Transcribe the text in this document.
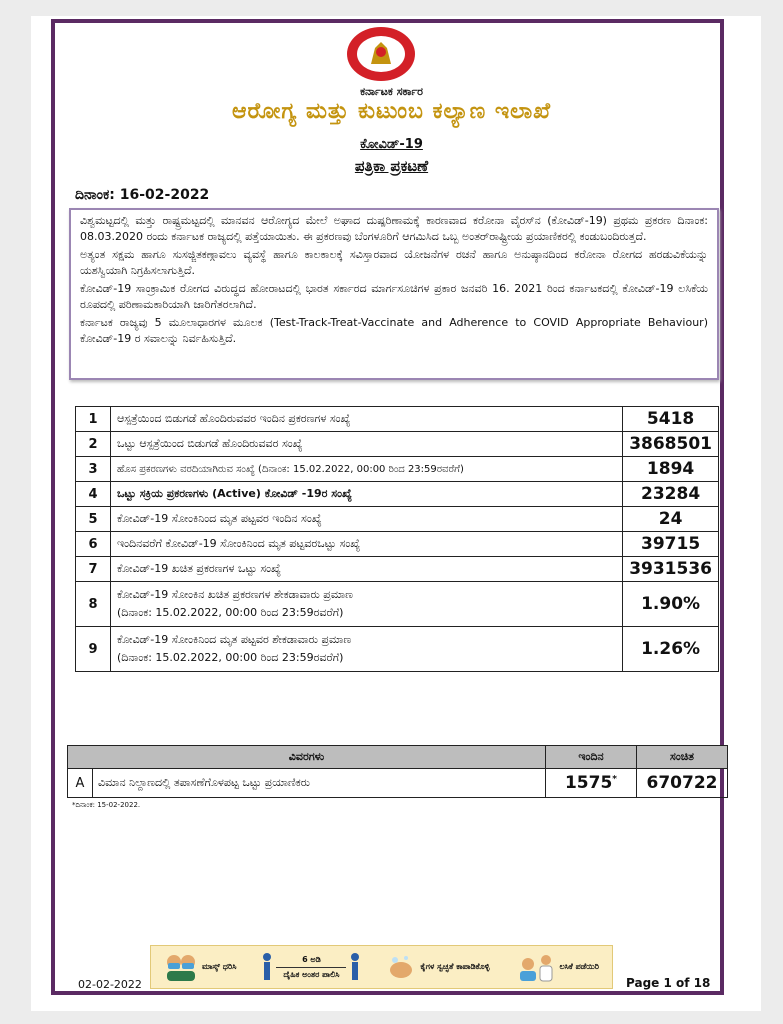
ಕರ್ನಾಟಕ ಸರ್ಕಾರ
ಆರೋಗ್ಯ ಮತ್ತು ಕುಟುಂಬ ಕಲ್ಯಾಣ ಇಲಾಖೆ
ಕೋವಿಡ್-19
ಪತ್ರಿಕಾ ಪ್ರಕಟಣೆ
ದಿನಾಂಕ: 16-02-2022

ವಿಶ್ವಮಟ್ಟದಲ್ಲಿ ಮತ್ತು ರಾಷ್ಟ್ರಮಟ್ಟದಲ್ಲಿ ಮಾನವನ ಆರೋಗ್ಯದ ಮೇಲೆ ಅಘಾದ ದುಷ್ಪರಿಣಾಮಕ್ಕೆ ಕಾರಣವಾದ ಕರೋನಾ ವೈರಸ್‌ನ (ಕೋವಿಡ್-19) ಪ್ರಥಮ ಪ್ರಕರಣ ದಿನಾಂಕ: 08.03.2020 ರಂದು ಕರ್ನಾಟಕ ರಾಜ್ಯದಲ್ಲಿ ಪತ್ತೆಯಾಯಿತು. ಈ ಪ್ರಕರಣವು ಬೆಂಗಳೂರಿಗೆ ಆಗಮಿಸಿದ ಒಬ್ಬ ಅಂತರ್‌ರಾಷ್ಟ್ರೀಯ ಪ್ರಯಾಣಿಕರಲ್ಲಿ ಕಂಡುಬಂದಿರುತ್ತದೆ.

ಅತ್ಯಂತ ಸಕ್ಷಮ ಹಾಗೂ ಸುಸಜ್ಜಿತಕಣ್ಗಾವಲು ವ್ಯವಸ್ಥೆ ಹಾಗೂ ಕಾಲಕಾಲಕ್ಕೆ ಸವಿಸ್ತಾರವಾದ ಯೋಜನೆಗಳ ರಚನೆ ಹಾಗೂ ಅನುಷ್ಠಾನದಿಂದ ಕರೋನಾ ರೋಗದ ಹರಡುವಿಕೆಯನ್ನು ಯಶಸ್ವಿಯಾಗಿ ನಿಗ್ರಹಿಸಲಾಗುತ್ತಿದೆ.

ಕೋವಿಡ್-19 ಸಾಂಕ್ರಾಮಿಕ ರೋಗದ ವಿರುದ್ಧದ ಹೋರಾಟದಲ್ಲಿ ಭಾರತ ಸರ್ಕಾರದ ಮಾರ್ಗಸೂಚಿಗಳ ಪ್ರಕಾರ ಜನವರಿ 16. 2021 ರಿಂದ ಕರ್ನಾಟಕದಲ್ಲಿ ಕೋವಿಡ್-19 ಲಸಿಕೆಯ ರೂಪದಲ್ಲಿ ಪರಿಣಾಮಕಾರಿಯಾಗಿ ಜಾರಿಗೆತರಲಾಗಿದೆ.

ಕರ್ನಾಟಕ ರಾಜ್ಯವು 5 ಮೂಲಾಧಾರಗಳ ಮೂಲಕ (Test-Track-Treat-Vaccinate and Adherence to COVID Appropriate Behaviour) ಕೋವಿಡ್-19 ರ ಸವಾಲನ್ನು ನಿರ್ವಹಿಸುತ್ತಿದೆ.

1	ಆಸ್ಪತ್ರೆಯಿಂದ ಬಿಡುಗಡೆ ಹೊಂದಿರುವವರ ಇಂದಿನ ಪ್ರಕರಣಗಳ ಸಂಖ್ಯೆ	5418
2	ಒಟ್ಟು ಆಸ್ಪತ್ರೆಯಿಂದ ಬಿಡುಗಡೆ ಹೊಂದಿರುವವರ ಸಂಖ್ಯೆ	3868501
3	ಹೊಸ ಪ್ರಕರಣಗಳು ವರದಿಯಾಗಿರುವ ಸಂಖ್ಯೆ (ದಿನಾಂಕ: 15.02.2022, 00:00 ರಿಂದ 23:59ರವರೆಗೆ)	1894
4	ಒಟ್ಟು ಸಕ್ರಿಯ ಪ್ರಕರಣಗಳು (Active) ಕೋವಿಡ್ -19ರ ಸಂಖ್ಯೆ	23284
5	ಕೋವಿಡ್-19 ಸೋಂಕಿನಿಂದ ಮೃತ ಪಟ್ಟವರ ಇಂದಿನ ಸಂಖ್ಯೆ	24
6	ಇಂದಿನವರೆಗೆ ಕೋವಿಡ್-19 ಸೋಂಕಿನಿಂದ ಮೃತ ಪಟ್ಟವರಒಟ್ಟು ಸಂಖ್ಯೆ	39715
7	ಕೋವಿಡ್-19 ಖಚಿತ ಪ್ರಕರಣಗಳ ಒಟ್ಟು ಸಂಖ್ಯೆ	3931536
8	ಕೋವಿಡ್-19 ಸೋಂಕಿನ ಖಚಿತ ಪ್ರಕರಣಗಳ ಶೇಕಡಾವಾರು ಪ್ರಮಾಣ
(ದಿನಾಂಕ: 15.02.2022, 00:00 ರಿಂದ 23:59ರವರೆಗೆ)	1.90%
9	ಕೋವಿಡ್-19 ಸೋಂಕಿನಿಂದ ಮೃತ ಪಟ್ಟವರ ಶೇಕಡಾವಾರು ಪ್ರಮಾಣ
(ದಿನಾಂಕ: 15.02.2022, 00:00 ರಿಂದ 23:59ರವರೆಗೆ)	1.26%
ವಿವರಗಳು		ಇಂದಿನ	ಸಂಚಿತ
A	ವಿಮಾನ ನಿಲ್ದಾಣದಲ್ಲಿ ತಪಾಸಣೆಗೊಳಪಟ್ಟ ಒಟ್ಟು ಪ್ರಯಾಣಿಕರು	1575*	670722
*ದಿನಾಂಕ: 15-02-2022.
ಮಾಸ್ಕ್ ಧರಿಸಿ
6 ಅಡಿ
ದೈಹಿಕ ಅಂತರ ಪಾಲಿಸಿ
ಕೈಗಳ ಸ್ವಚ್ಛತೆ ಕಾಪಾಡಿಕೊಳ್ಳಿ	ಲಸಿಕೆ ಪಡೆಯಿರಿ
02-02-2022	Page 1 of 18
